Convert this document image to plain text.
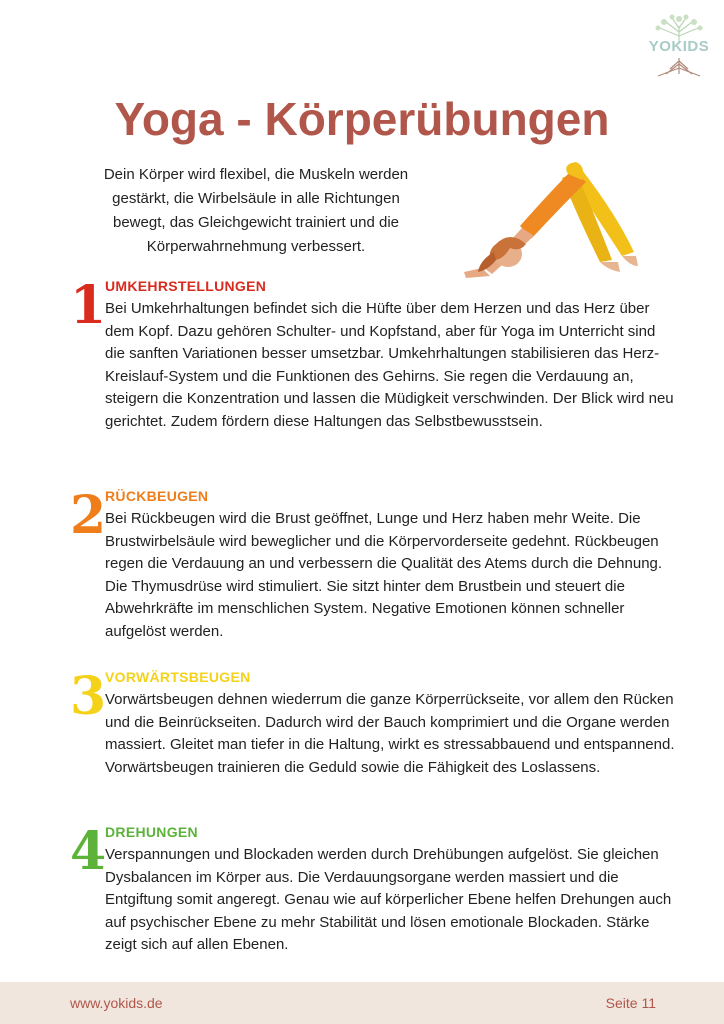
YOKIDS
Yoga - Körperübungen
Dein Körper wird flexibel, die Muskeln werden gestärkt, die Wirbelsäule in alle Richtungen bewegt, das Gleichgewicht trainiert und die Körperwahrnehmung verbessert.
1
UMKEHRSTELLUNGEN
Bei Umkehrhaltungen befindet sich die Hüfte über dem Herzen und das Herz über dem Kopf. Dazu gehören Schulter- und Kopfstand, aber für Yoga im Unterricht sind die sanften Variationen besser umsetzbar. Umkehrhaltungen stabilisieren das Herz-Kreislauf-System und die Funktionen des Gehirns. Sie regen die Verdauung an, steigern die Konzentration und lassen die Müdigkeit verschwinden. Der Blick wird neu gerichtet. Zudem fördern diese Haltungen das Selbstbewusstsein.
2
RÜCKBEUGEN
Bei Rückbeugen wird die Brust geöffnet, Lunge und Herz haben mehr Weite. Die Brustwirbelsäule wird beweglicher und die Körpervorderseite gedehnt. Rückbeugen regen die Verdauung an und verbessern die Qualität des Atems durch die Dehnung. Die Thymusdrüse wird stimuliert. Sie sitzt hinter dem Brustbein und steuert die Abwehrkräfte im menschlichen System. Negative Emotionen können schneller aufgelöst werden.
3
VORWÄRTSBEUGEN
Vorwärtsbeugen dehnen wiederrum die ganze Körperrückseite, vor allem den Rücken und die Beinrückseiten. Dadurch wird der Bauch komprimiert und die Organe werden massiert. Gleitet man tiefer in die Haltung, wirkt es stressabbauend und entspannend. Vorwärtsbeugen trainieren die Geduld sowie die Fähigkeit des Loslassens.
4
DREHUNGEN
Verspannungen und Blockaden werden durch Drehübungen aufgelöst. Sie gleichen Dysbalancen im Körper aus. Die Verdauungsorgane werden massiert und die Entgiftung somit angeregt. Genau wie auf körperlicher Ebene helfen Drehungen auch auf psychischer Ebene zu mehr Stabilität und lösen emotionale Blockaden. Stärke zeigt sich auf allen Ebenen.
www.yokids.de	Seite 11
